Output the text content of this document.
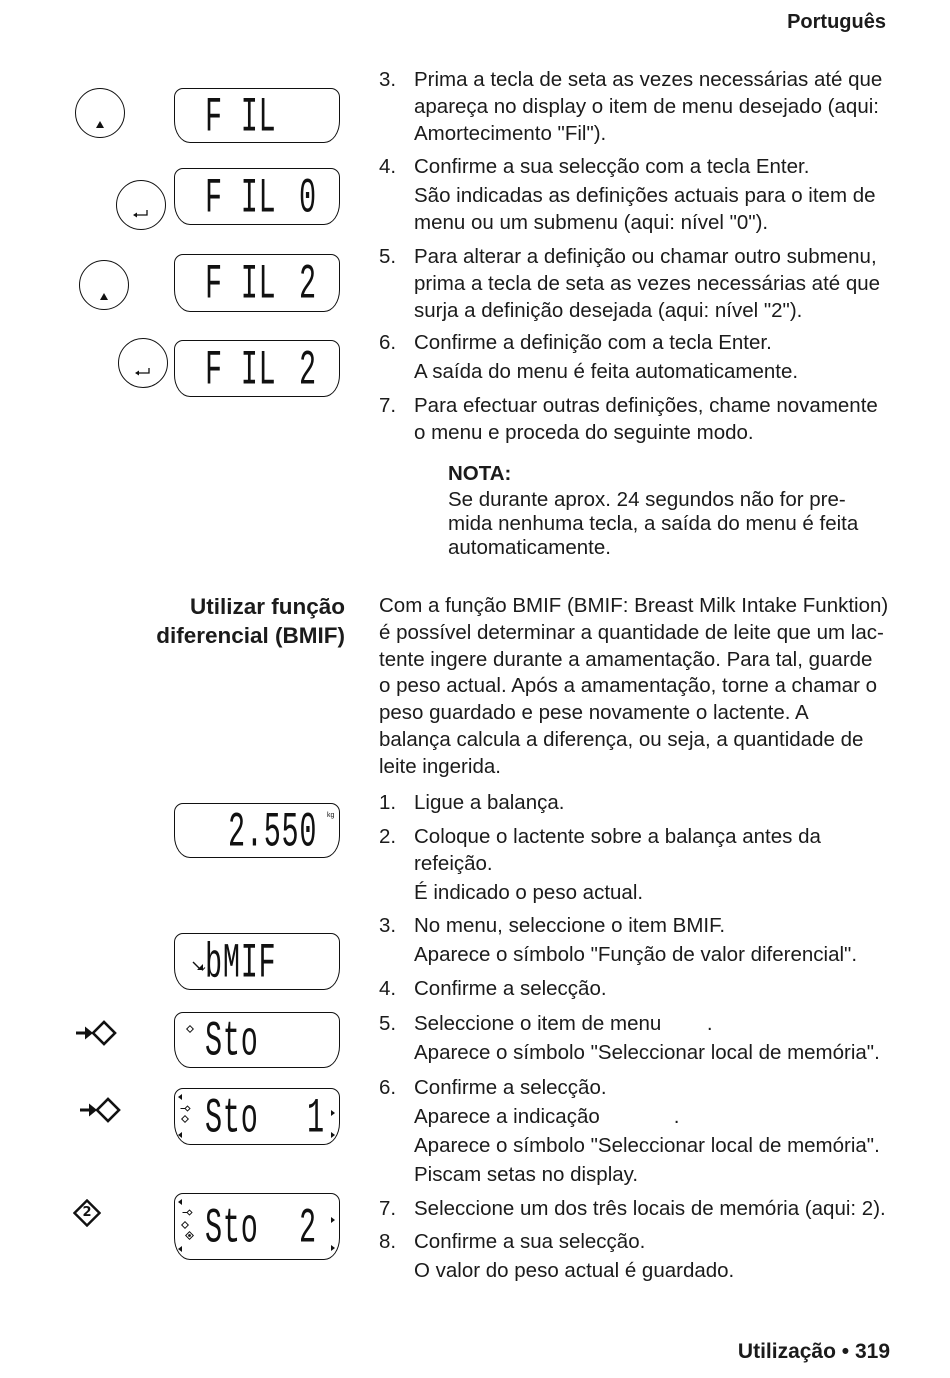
Português
F IL
F IL 0
F IL 2
F IL 2
3. Prima a tecla de seta as vezes necessárias até que
apareça no display o item de menu desejado (aqui:
Amortecimento "Fil").
4. Confirme a sua selecção com a tecla Enter.
São indicadas as definições actuais para o item de
menu ou um submenu (aqui: nível "0").
5. Para alterar a definição ou chamar outro submenu,
prima a tecla de seta as vezes necessárias até que
surja a definição desejada (aqui: nível "2").
6. Confirme a definição com a tecla Enter.
A saída do menu é feita automaticamente.
7. Para efectuar outras definições, chame novamente
o menu e proceda do seguinte modo.
NOTA:
Se durante aprox. 24 segundos não for pre-
mida nenhuma tecla, a saída do menu é feita
automaticamente.
Utilizar função
diferencial (BMIF)
Com a função BMIF (BMIF: Breast Milk Intake Funktion)
é possível determinar a quantidade de leite que um lac-
tente ingere durante a amamentação. Para tal, guarde
o peso actual. Após a amamentação, torne a chamar o
peso guardado e pese novamente o lactente. A
balança calcula a diferença, ou seja, a quantidade de
leite ingerida.
2.550 kg
bMIF
Sto
Sto 1
2	Sto 2
1. Ligue a balança.
2. Coloque o lactente sobre a balança antes da
refeição.
É indicado o peso actual.
3. No menu, seleccione o item BMIF.
Aparece o símbolo "Função de valor diferencial".
4. Confirme a selecção.
5. Seleccione o item de menu        .
Aparece o símbolo "Seleccionar local de memória".
6. Confirme a selecção.
Aparece a indicação             .
Aparece o símbolo "Seleccionar local de memória".
Piscam setas no display.
7. Seleccione um dos três locais de memória (aqui: 2).
8. Confirme a sua selecção.
O valor do peso actual é guardado.
Utilização • 319
